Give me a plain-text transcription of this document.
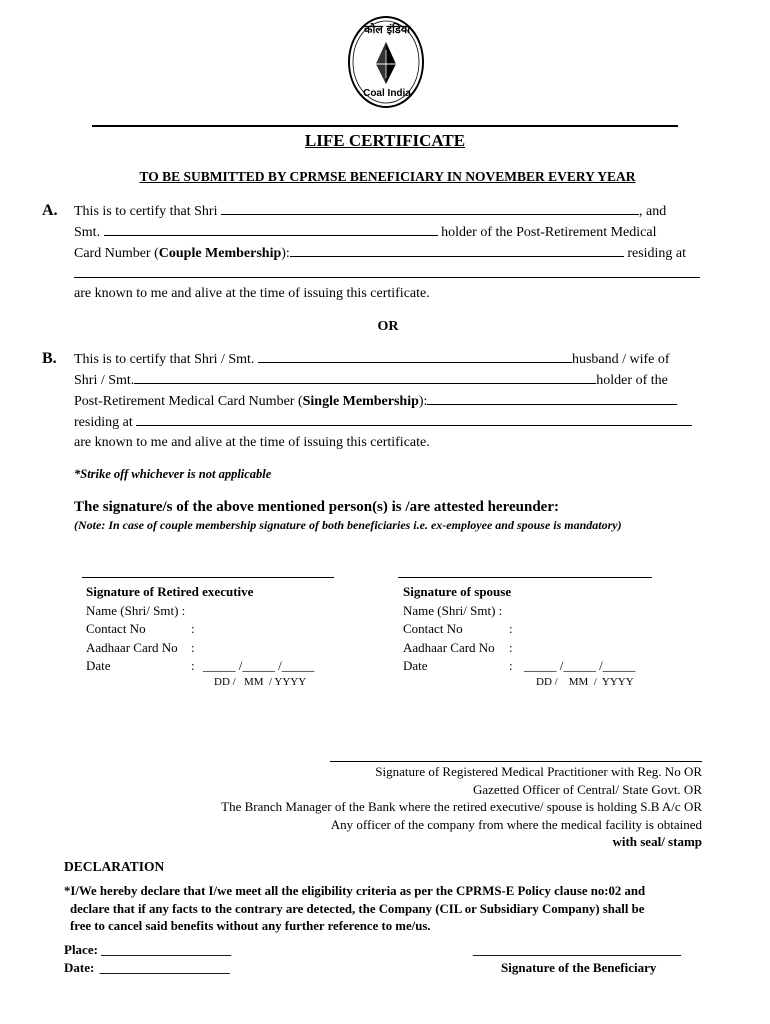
कोल इंडिया
Coal India
LIFE CERTIFICATE
TO BE SUBMITTED BY CPRMSE BENEFICIARY IN NOVEMBER EVERY YEAR
A. This is to certify that Shri	, and
Smt.	holder of the Post-Retirement Medical
Card Number (Couple Membership):	residing at
are known to me and alive at the time of issuing this certificate.
OR
B. This is to certify that Shri / Smt.	husband / wife of
Shri / Smt.	holder of the
Post-Retirement Medical Card Number (Single Membership):
residing at
are known to me and alive at the time of issuing this certificate.
*Strike off whichever is not applicable
The signature/s of the above mentioned person(s) is /are attested hereunder:
(Note: In case of couple membership signature of both beneficiaries i.e. ex-employee and spouse is mandatory)
Signature of Retired executive
Name (Shri/ Smt) :
Contact No	:
Aadhaar Card No :
Date	: _____ /_____ /_____
DD /   MM  / YYYY
Signature of spouse
Name (Shri/ Smt) :
Contact No	:
Aadhaar Card No :
Date	: _____ /_____ /_____
DD /    MM  /  YYYY
Signature of Registered Medical Practitioner with Reg. No OR
Gazetted Officer of Central/ State Govt. OR
The Branch Manager of the Bank where the retired executive/ spouse is holding S.B A/c OR
Any officer of the company from where the medical facility is obtained
with seal/ stamp
DECLARATION
*I/We hereby declare that I/we meet all the eligibility criteria as per the CPRMS-E Policy clause no:02 and
declare that if any facts to the contrary are detected, the Company (CIL or Subsidiary Company) shall be
free to cancel said benefits without any further reference to me/us.
Place: ____________________
Date: ____________________
________________________________
Signature of the Beneficiary
